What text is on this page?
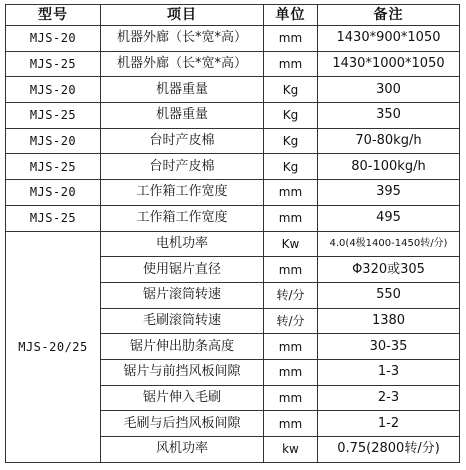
型号	项目	单位	备注
MJS-20	机器外廊（长*宽*高）	mm	1430*900*1050
MJS-25	机器外廊（长*宽*高）	mm	1430*1000*1050
MJS-20	机器重量	Kg	300
MJS-25	机器重量	Kg	350
MJS-20	台时产皮棉	Kg	70-80kg/h
MJS-25	台时产皮棉	Kg	80-100kg/h
MJS-20	工作箱工作宽度	mm	395
MJS-25	工作箱工作宽度	mm	495
MJS-20/25	电机功率	Kw	4.0(4极1400-1450转/分)
	使用锯片直径	mm	Φ320或305
	锯片滚筒转速	转/分	550
	毛刷滚筒转速	转/分	1380
	锯片伸出肋条高度	mm	30-35
	锯片与前挡风板间隙	mm	1-3
	锯片伸入毛刷	mm	2-3
	毛刷与后挡风板间隙	mm	1-2
	风机功率	kw	0.75(2800转/分)
